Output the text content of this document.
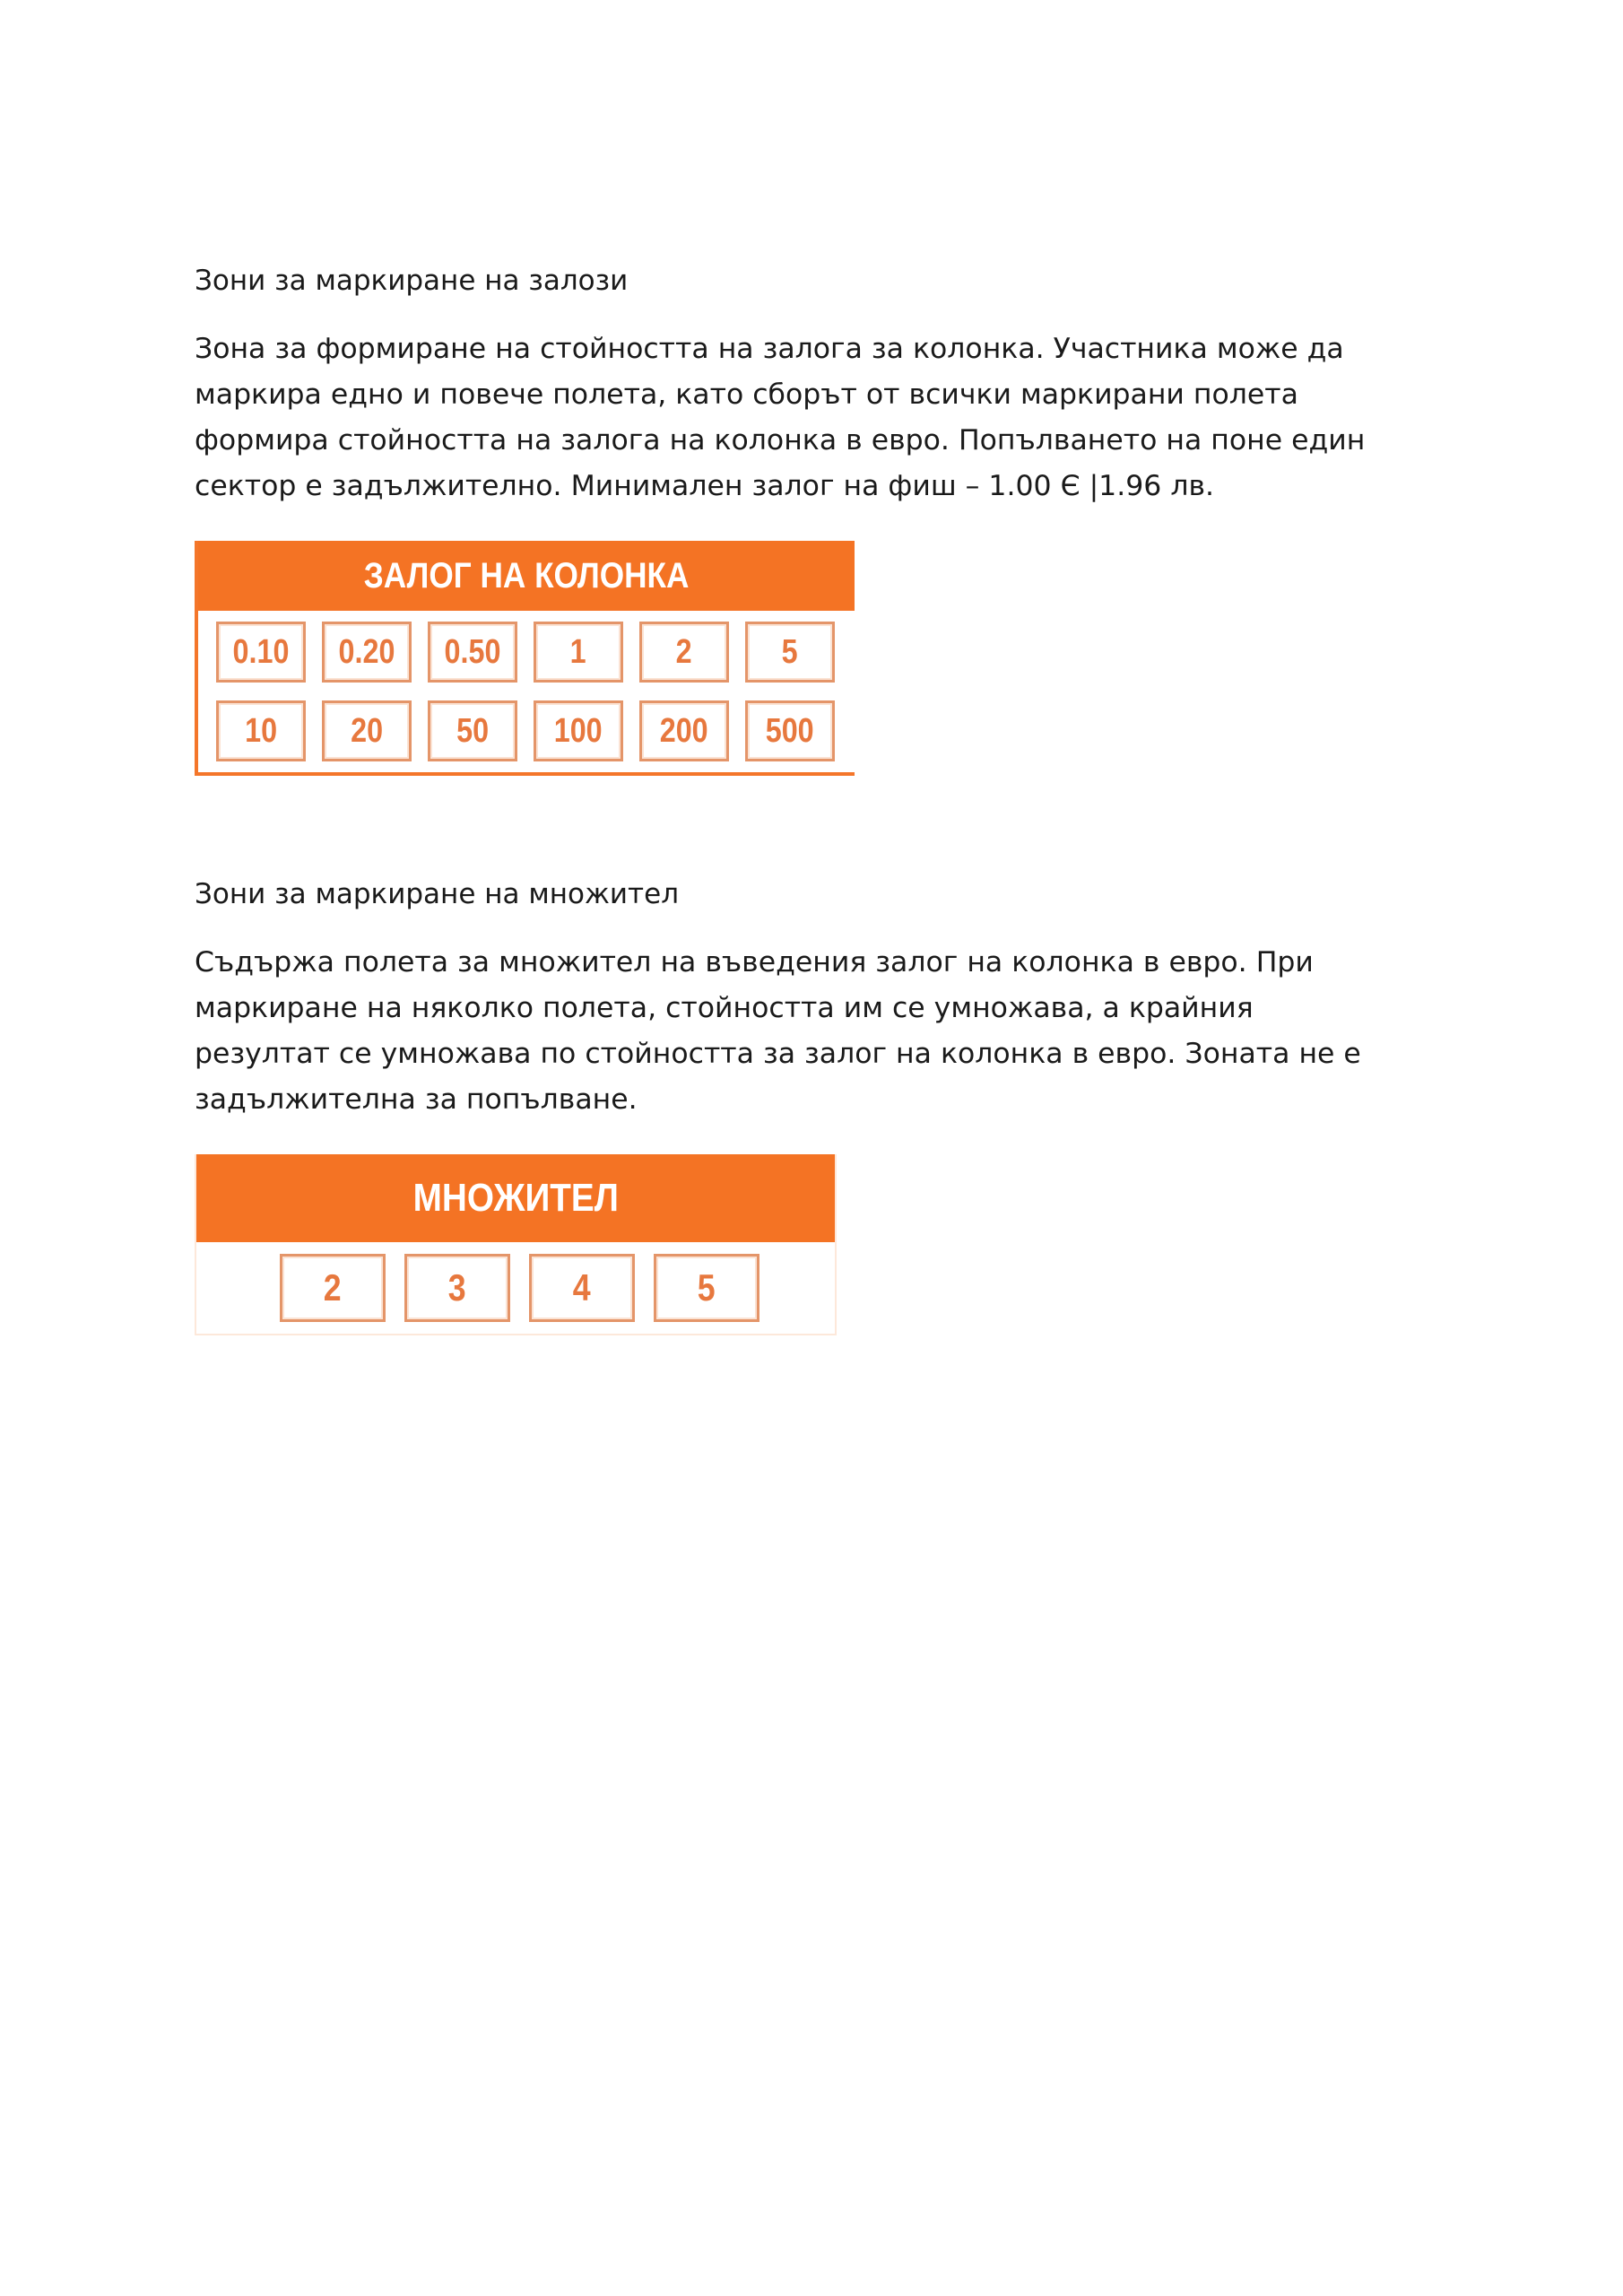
Зони за маркиране на залози

Зона за формиране на стойността на залога за колонка. Участника може да
маркира едно и повече полета, като сборът от всички маркирани полета
формира стойността на залога на колонка в евро. Попълването на поне един
сектор е задължително. Минимален залог на фиш – 1.00 Є |1.96 лв.

ЗАЛОГ НА КОЛОНКА
0.10 0.20 0.50 1	2	5
10 20 50 100 200 500
Зони за маркиране на множител

Съдържа полета за множител на въведения залог на колонка в евро. При
маркиране на няколко полета, стойността им се умножава, а крайния
резултат се умножава по стойността за залог на колонка в евро. Зоната не е
задължителна за попълване.

МНОЖИТЕЛ
2	3	4	5
